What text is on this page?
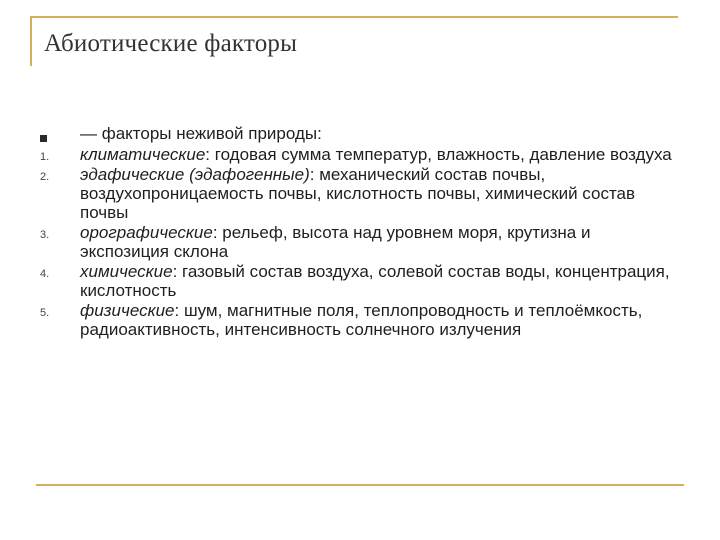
Абиотические факторы
— факторы неживой природы:
1.	климатические: годовая сумма температур, влажность, давление воздуха
2.	эдафические (эдафогенные): механический состав почвы, воздухопроницаемость почвы, кислотность почвы, химический состав почвы
3.	орографические: рельеф, высота над уровнем моря, крутизна и экспозиция склона
4.	химические: газовый состав воздуха, солевой состав воды, концентрация, кислотность
5.	физические: шум, магнитные поля, теплопроводность и теплоёмкость, радиоактивность, интенсивность солнечного излучения
